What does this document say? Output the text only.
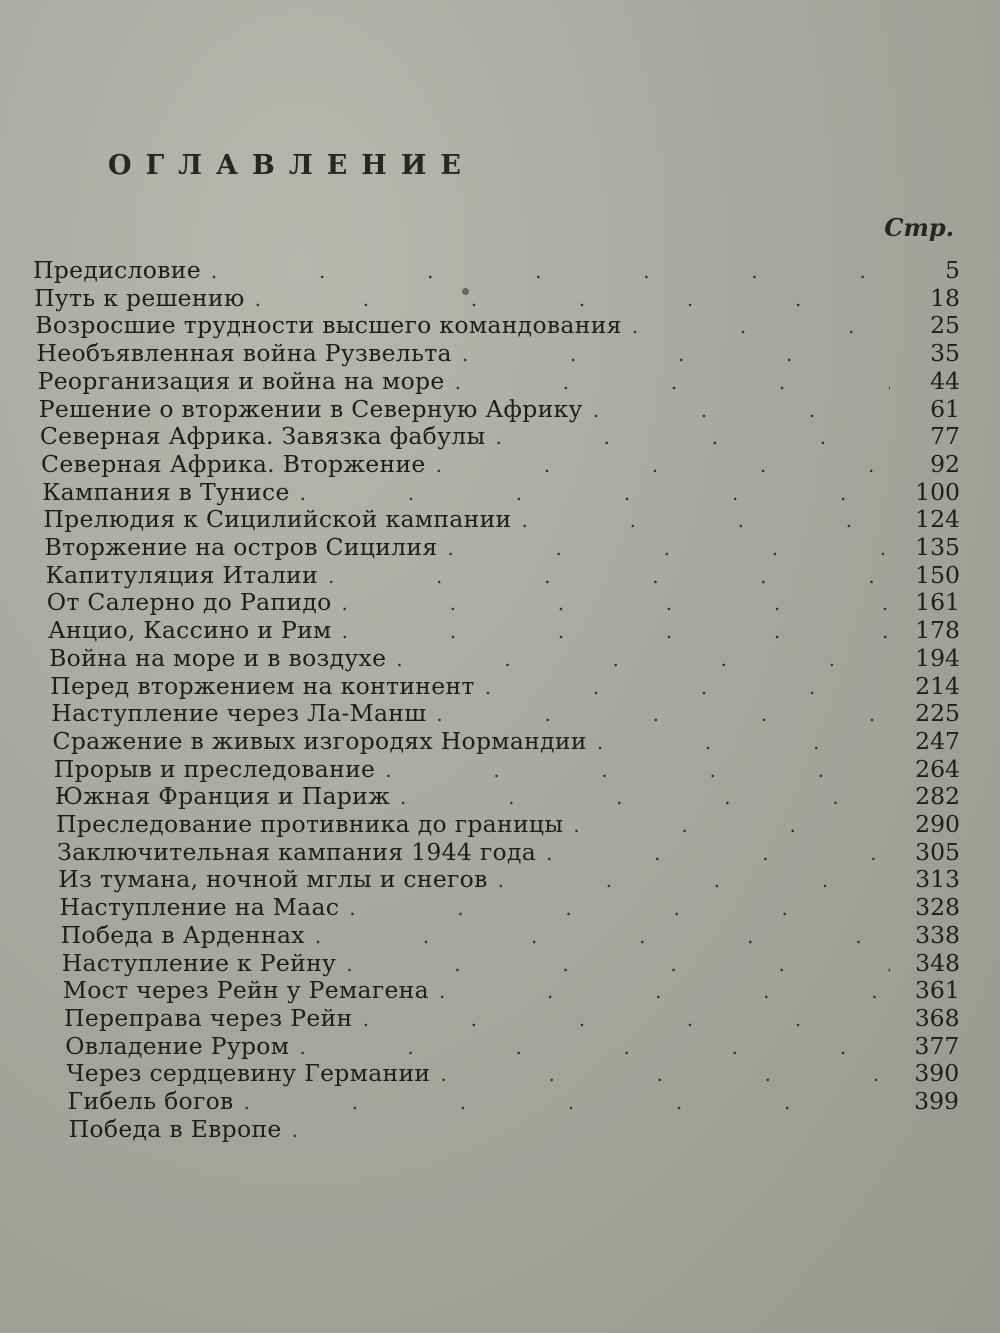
ОГЛАВЛЕНИЕ
Стр.
Предисловие .	5
Путь к решению .	18
Возросшие трудности высшего командования .	25
Необъявленная война Рузвельта .	35
Реорганизация и война на море .	44
Решение о вторжении в Северную Африку .	61
Северная Африка. Завязка фабулы .	77
Северная Африка. Вторжение .	92
Кампания в Тунисе .	100
Прелюдия к Сицилийской кампании .	124
Вторжение на остров Сицилия .	135
Капитуляция Италии .	150
От Салерно до Рапидо .	161
Анцио, Кассино и Рим .	178
Война на море и в воздухе .	194
Перед вторжением на континент .	214
Наступление через Ла-Манш .	225
Сражение в живых изгородях Нормандии .	247
Прорыв и преследование .	264
Южная Франция и Париж .	282
Преследование противника до границы .	290
Заключительная кампания 1944 года .	305
Из тумана, ночной мглы и снегов .	313
Наступление на Маас .	328
Победа в Арденнах .	338
Наступление к Рейну .	348
Мост через Рейн у Ремагена .	361
Переправа через Рейн .	368
Овладение Руром .	377
Через сердцевину Германии .	390
Гибель богов .	399
Победа в Европе
.
